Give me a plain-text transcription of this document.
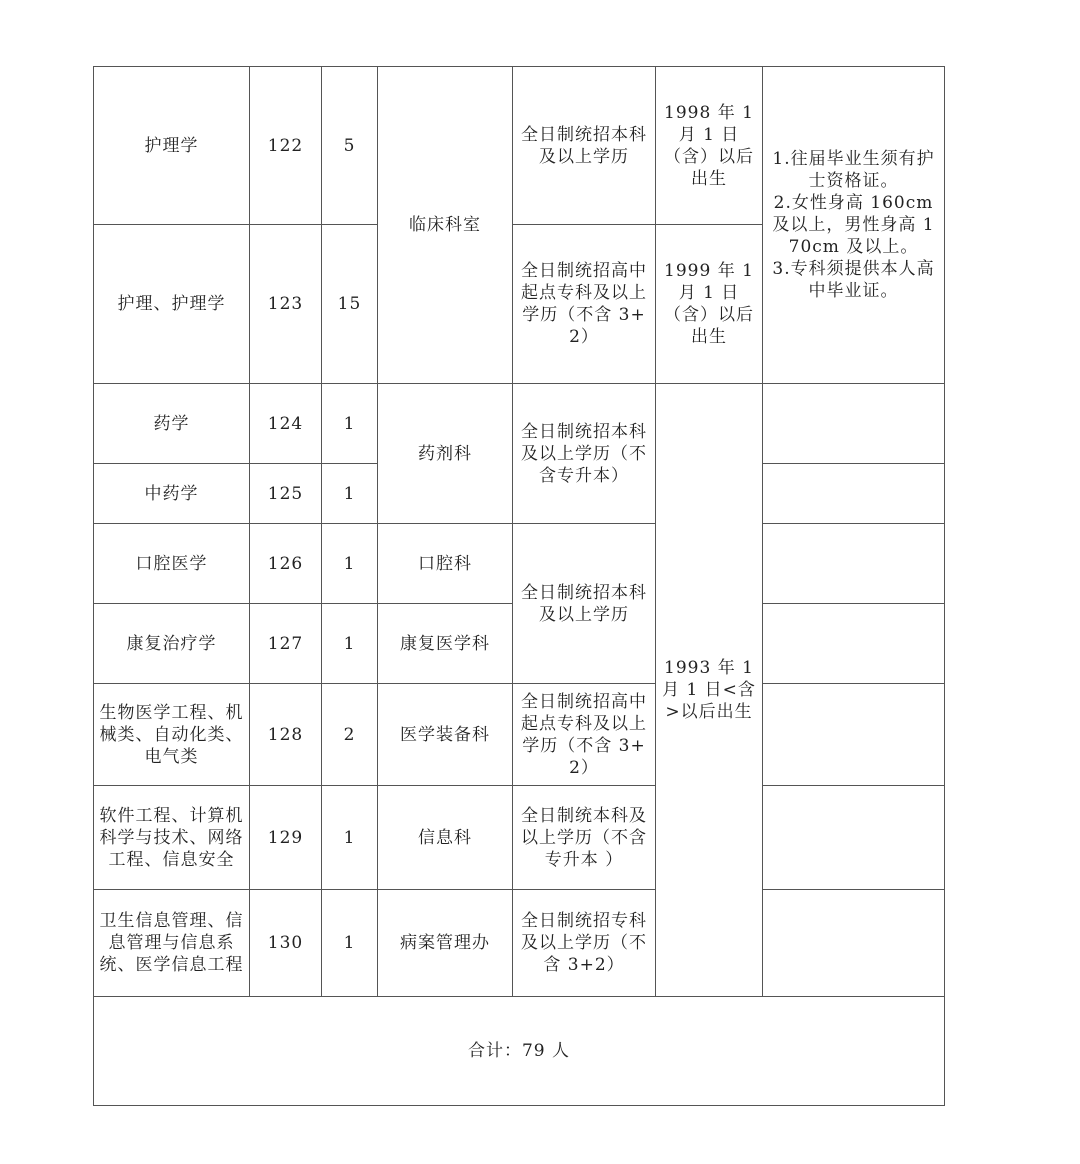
护理学	122	5	临床科室	全日制统招本科及以上学历	1998 年 1 月 1 日（含）以后出生	1.往届毕业生须有护士资格证。
2.女性身高 160cm 及以上，男性身高 170cm 及以上。
3.专科须提供本人高中毕业证。
护理、护理学	123	15		全日制统招高中起点专科及以上学历（不含 3+2）	1999 年 1 月 1 日（含）以后出生	
药学	124	1	药剂科	全日制统招本科及以上学历（不含专升本）	1993 年 1 月 1 日<含>以后出生	
中药学	125	1				
口腔医学	126	1	口腔科	全日制统招本科及以上学历		
康复治疗学	127	1	康复医学科			
生物医学工程、机械类、自动化类、电气类	128	2	医学装备科	全日制统招高中起点专科及以上学历（不含 3+2）		
软件工程、计算机科学与技术、网络工程、信息安全	129	1	信息科	全日制统本科及以上学历（不含专升本 ）		
卫生信息管理、信息管理与信息系统、医学信息工程	130	1	病案管理办	全日制统招专科及以上学历（不含 3+2）		
合计：79 人						
